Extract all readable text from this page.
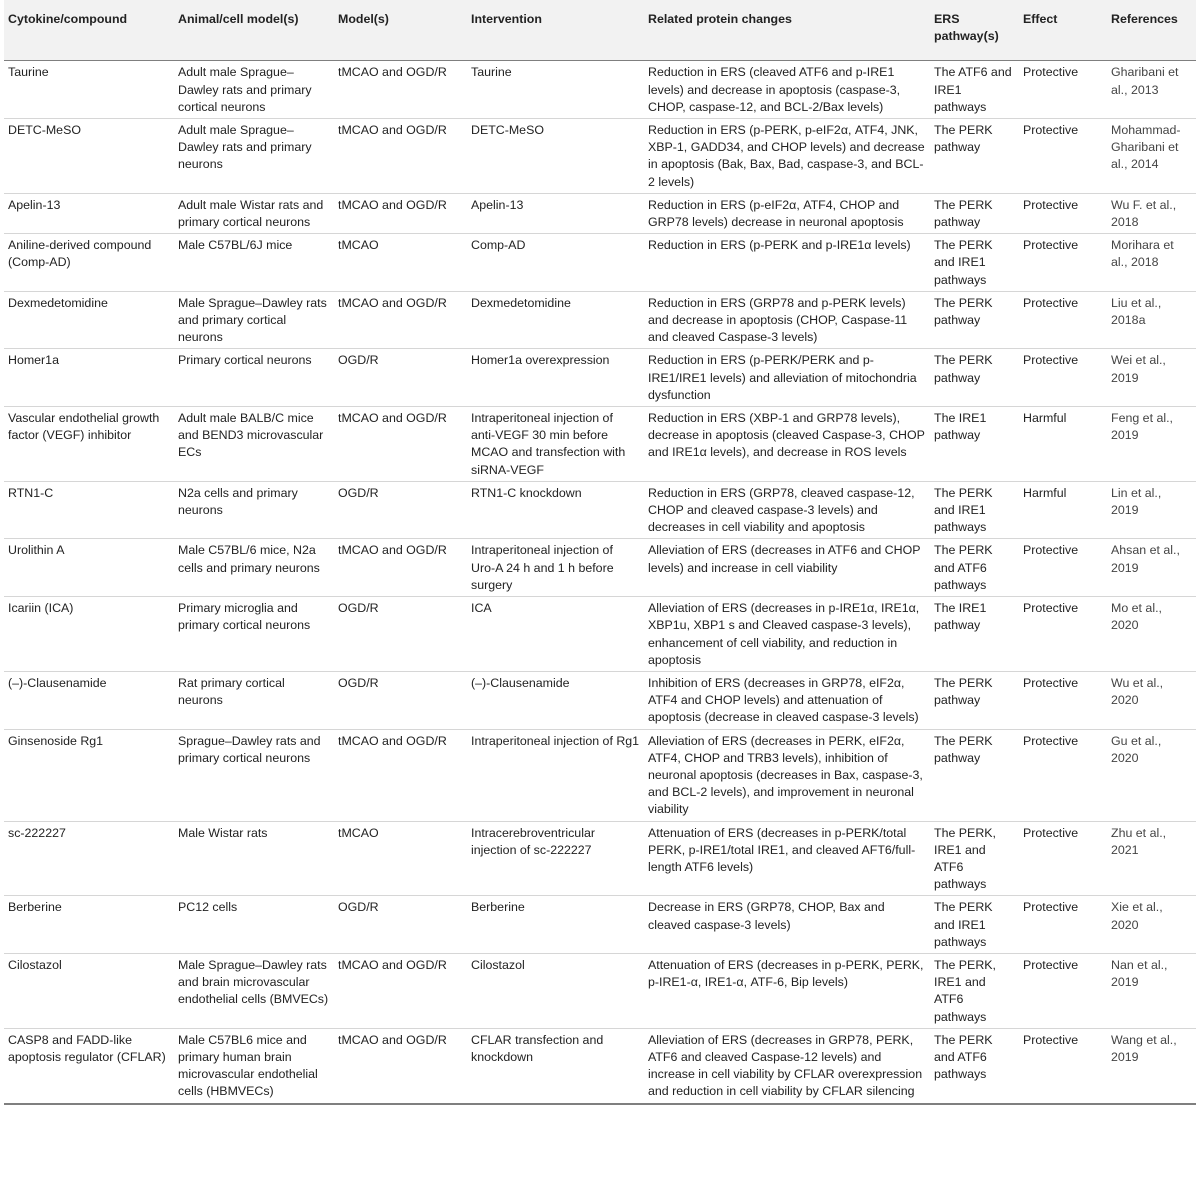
Cytokine/compound	Animal/cell model(s)	Model(s)	Intervention	Related protein changes	ERS pathway(s)	Effect	References
Taurine	Adult male Sprague–Dawley rats and primary cortical neurons	tMCAO and OGD/R	Taurine	Reduction in ERS (cleaved ATF6 and p-IRE1 levels) and decrease in apoptosis (caspase-3, CHOP, caspase-12, and BCL-2/Bax levels)	The ATF6 and IRE1 pathways	Protective	Gharibani et al., 2013
DETC-MeSO	Adult male Sprague–Dawley rats and primary neurons	tMCAO and OGD/R	DETC-MeSO	Reduction in ERS (p-PERK, p-eIF2α, ATF4, JNK, XBP-1, GADD34, and CHOP levels) and decrease in apoptosis (Bak, Bax, Bad, caspase-3, and BCL-2 levels)	The PERK pathway	Protective	Mohammad-Gharibani et al., 2014
Apelin-13	Adult male Wistar rats and primary cortical neurons	tMCAO and OGD/R	Apelin-13	Reduction in ERS (p-eIF2α, ATF4, CHOP and GRP78 levels) decrease in neuronal apoptosis	The PERK pathway	Protective	Wu F. et al., 2018
Aniline-derived compound (Comp-AD)	Male C57BL/6J mice	tMCAO	Comp-AD	Reduction in ERS (p-PERK and p-IRE1α levels)	The PERK and IRE1 pathways	Protective	Morihara et al., 2018
Dexmedetomidine	Male Sprague–Dawley rats and primary cortical neurons	tMCAO and OGD/R	Dexmedetomidine	Reduction in ERS (GRP78 and p-PERK levels) and decrease in apoptosis (CHOP, Caspase-11 and cleaved Caspase-3 levels)	The PERK pathway	Protective	Liu et al., 2018a
Homer1a	Primary cortical neurons	OGD/R	Homer1a overexpression	Reduction in ERS (p-PERK/PERK and p-IRE1/IRE1 levels) and alleviation of mitochondria dysfunction	The PERK pathway	Protective	Wei et al., 2019
Vascular endothelial growth factor (VEGF) inhibitor	Adult male BALB/C mice and BEND3 microvascular ECs	tMCAO and OGD/R	Intraperitoneal injection of anti-VEGF 30 min before MCAO and transfection with siRNA-VEGF	Reduction in ERS (XBP-1 and GRP78 levels), decrease in apoptosis (cleaved Caspase-3, CHOP and IRE1α levels), and decrease in ROS levels	The IRE1 pathway	Harmful	Feng et al., 2019
RTN1-C	N2a cells and primary neurons	OGD/R	RTN1-C knockdown	Reduction in ERS (GRP78, cleaved caspase-12, CHOP and cleaved caspase-3 levels) and decreases in cell viability and apoptosis	The PERK and IRE1 pathways	Harmful	Lin et al., 2019
Urolithin A	Male C57BL/6 mice, N2a cells and primary neurons	tMCAO and OGD/R	Intraperitoneal injection of Uro-A 24 h and 1 h before surgery	Alleviation of ERS (decreases in ATF6 and CHOP levels) and increase in cell viability	The PERK and ATF6 pathways	Protective	Ahsan et al., 2019
Icariin (ICA)	Primary microglia and primary cortical neurons	OGD/R	ICA	Alleviation of ERS (decreases in p-IRE1α, IRE1α, XBP1u, XBP1 s and Cleaved caspase-3 levels), enhancement of cell viability, and reduction in apoptosis	The IRE1 pathway	Protective	Mo et al., 2020
(–)-Clausenamide	Rat primary cortical neurons	OGD/R	(–)-Clausenamide	Inhibition of ERS (decreases in GRP78, eIF2α, ATF4 and CHOP levels) and attenuation of apoptosis (decrease in cleaved caspase-3 levels)	The PERK pathway	Protective	Wu et al., 2020
Ginsenoside Rg1	Sprague–Dawley rats and primary cortical neurons	tMCAO and OGD/R	Intraperitoneal injection of Rg1	Alleviation of ERS (decreases in PERK, eIF2α, ATF4, CHOP and TRB3 levels), inhibition of neuronal apoptosis (decreases in Bax, caspase-3, and BCL-2 levels), and improvement in neuronal viability	The PERK pathway	Protective	Gu et al., 2020
sc-222227	Male Wistar rats	tMCAO	Intracerebroventricular injection of sc-222227	Attenuation of ERS (decreases in p-PERK/total PERK, p-IRE1/total IRE1, and cleaved AFT6/full-length ATF6 levels)	The PERK, IRE1 and ATF6 pathways	Protective	Zhu et al., 2021
Berberine	PC12 cells	OGD/R	Berberine	Decrease in ERS (GRP78, CHOP, Bax and cleaved caspase-3 levels)	The PERK and IRE1 pathways	Protective	Xie et al., 2020
Cilostazol	Male Sprague–Dawley rats and brain microvascular endothelial cells (BMVECs)	tMCAO and OGD/R	Cilostazol	Attenuation of ERS (decreases in p-PERK, PERK, p-IRE1-α, IRE1-α, ATF-6, Bip levels)	The PERK, IRE1 and ATF6 pathways	Protective	Nan et al., 2019
CASP8 and FADD-like apoptosis regulator (CFLAR)	Male C57BL6 mice and primary human brain microvascular endothelial cells (HBMVECs)	tMCAO and OGD/R	CFLAR transfection and knockdown	Alleviation of ERS (decreases in GRP78, PERK, ATF6 and cleaved Caspase-12 levels) and increase in cell viability by CFLAR overexpression and reduction in cell viability by CFLAR silencing	The PERK and ATF6 pathways	Protective	Wang et al., 2019
